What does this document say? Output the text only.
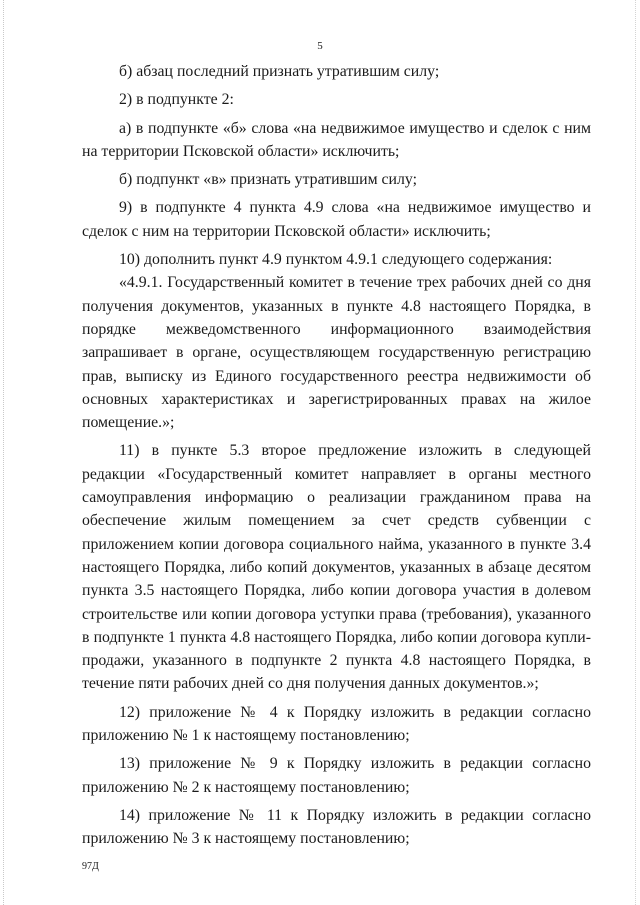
5

б) абзац последний признать утратившим силу;

2) в подпункте 2:

а) в подпункте «б» слова «на недвижимое имущество и сделок с ним на территории Псковской области» исключить;

б) подпункт «в» признать утратившим силу;

9) в подпункте 4 пункта 4.9 слова «на недвижимое имущество и сделок с ним на территории Псковской области» исключить;

10) дополнить пункт 4.9 пунктом 4.9.1 следующего содержания:

«4.9.1. Государственный комитет в течение трех рабочих дней со дня получения документов, указанных в пункте 4.8 настоящего Порядка, в порядке межведомственного информационного взаимодействия запрашивает в органе, осуществляющем государственную регистрацию прав, выписку из Единого государственного реестра недвижимости об основных характеристиках и зарегистрированных правах на жилое помещение.»;

11) в пункте 5.3 второе предложение изложить в следующей редакции «Государственный комитет направляет в органы местного самоуправления информацию о реализации гражданином права на обеспечение жилым помещением за счет средств субвенции с приложением копии договора социального найма, указанного в пункте 3.4 настоящего Порядка, либо копий документов, указанных в абзаце десятом пункта 3.5 настоящего Порядка, либо копии договора участия в долевом строительстве или копии договора уступки права (требования), указанного в подпункте 1 пункта 4.8 настоящего Порядка, либо копии договора купли-продажи, указанного в подпункте 2 пункта 4.8 настоящего Порядка, в течение пяти рабочих дней со дня получения данных документов.»;

12) приложение № 4 к Порядку изложить в редакции согласно приложению № 1 к настоящему постановлению;

13) приложение № 9 к Порядку изложить в редакции согласно приложению № 2 к настоящему постановлению;

14) приложение № 11 к Порядку изложить в редакции согласно приложению № 3 к настоящему постановлению;

97Д
